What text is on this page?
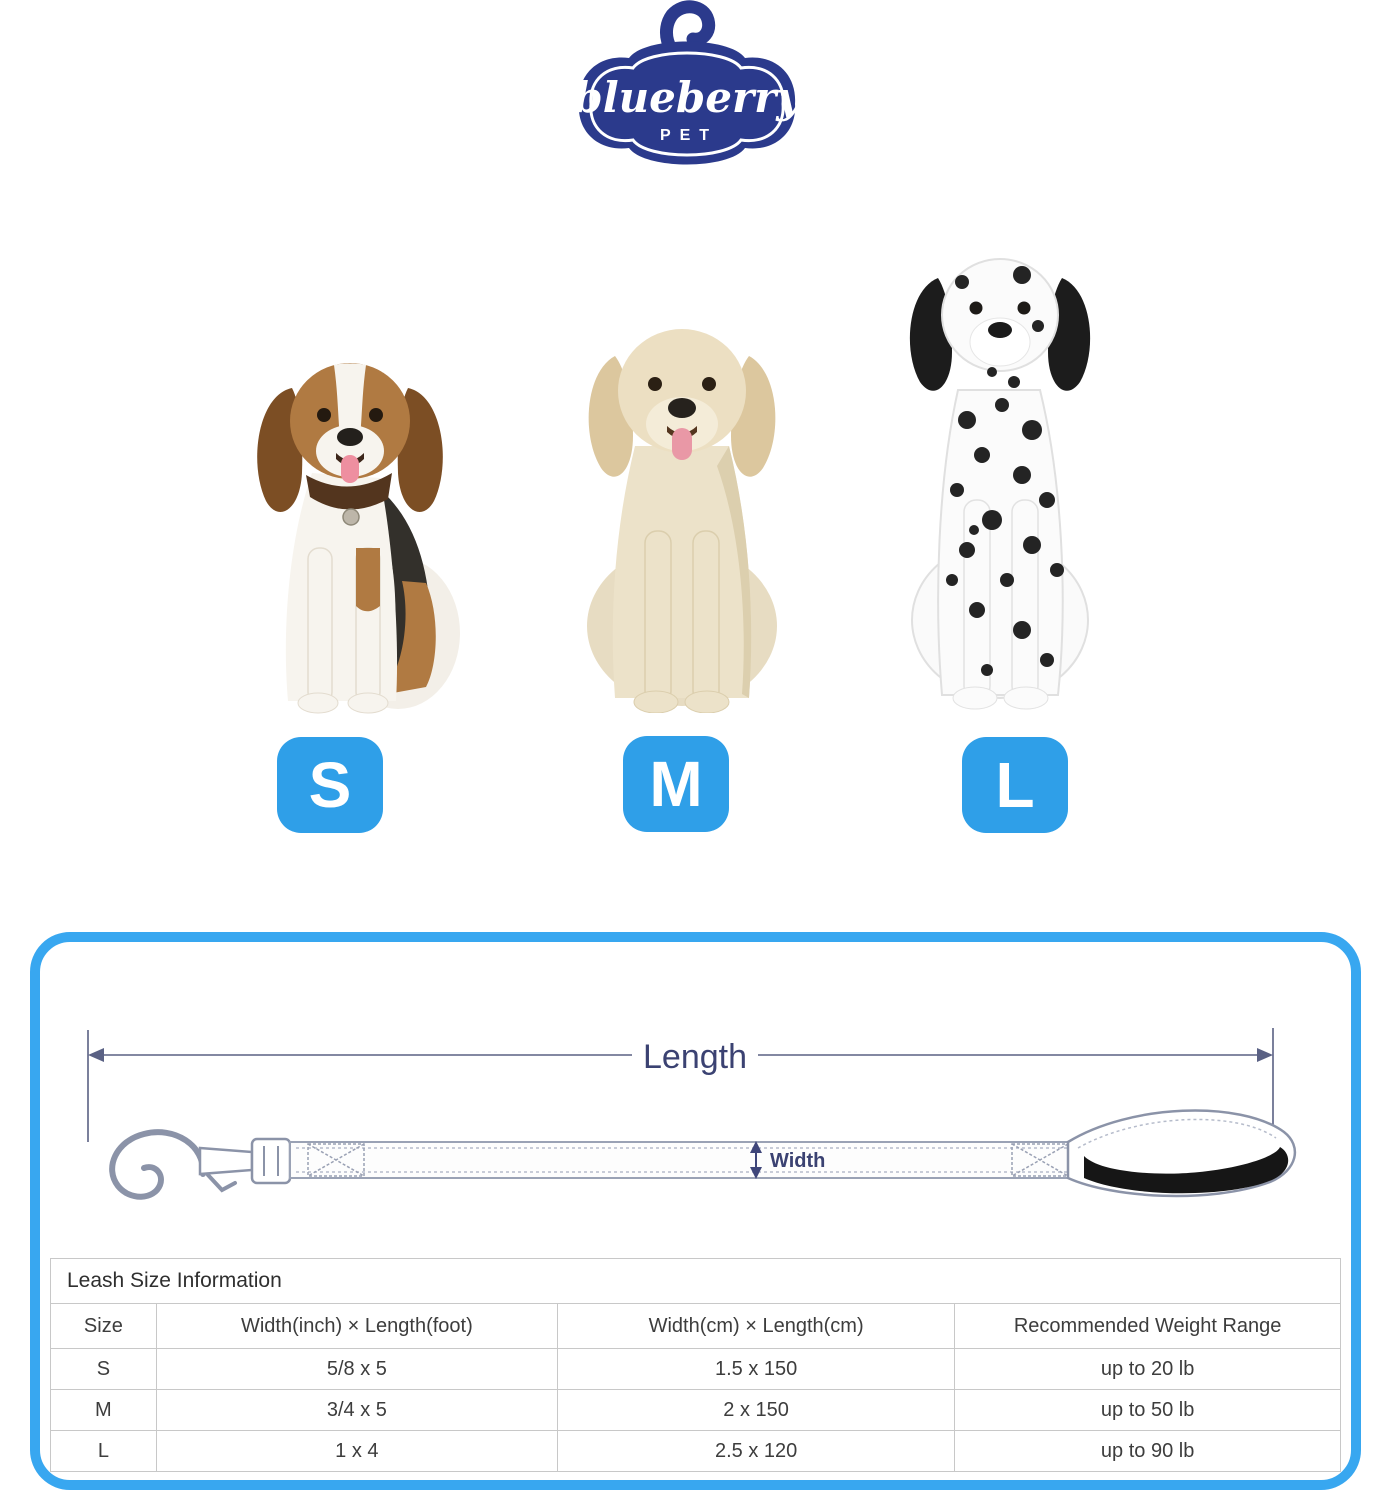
blueberry
PET
S	M	L
Length
Width
Leash Size Information			
Size	Width(inch) × Length(foot)	Width(cm) × Length(cm)	Recommended Weight Range
S	5/8 x 5	1.5 x 150	up to 20 lb
M	3/4 x 5	2 x 150	up to 50 lb
L	1 x 4	2.5 x 120	up to 90 lb
